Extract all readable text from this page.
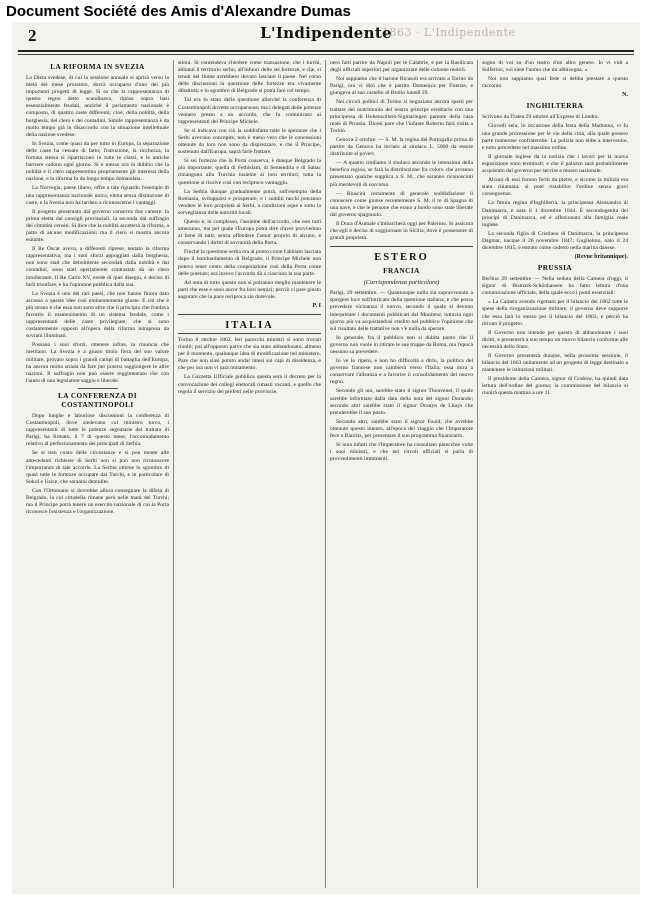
Document Société des Amis d'Alexandre Dumas
1863 · L'Indipendente
2	L'Indipendente
LA RIFORMA IN SVEZIA

La Dieta svedese, di cui la sessione annuale si aprirà verso la metà del mese prossimo, dovrà occuparsi d'uno dei più importanti progetti di legge. Si sa che la rappresentanza di questo regno detto scandinavo, riposa sopra basi essenzialmente feudali, anziché il parlamento nazionale è composto, di quattro caste differenti; cioè, della nobiltà, della borghesia, del clero e dei contadini. Simile rappresentanza è da molto tempo già in disaccordo con la situazione intellettuale della nazione svedese.

In Svezia, come quasi da per tutto in Europa, la separazione delle caste ha cessato di fatto; l'istruzione, la ricchezza, la fortuna stessa si ripartiscono in tutte le classi, e le antiche barriere cadono ogni giorno. Si è messo ora in dubbio che la nobiltà e il clero rappresentino propriamente gli interessi della nazione, e la riforma fu da lungo tempo domandata.

La Norvegia, paese libero, offre a tale riguardo l'esempio di una rappresentanza nazionale unica, eletta senza distinzione di caste, e la Svezia non ha tardato a riconoscerne i vantaggi.

Il progetto presentato dal governo conserva due camere: la prima eletta dai consigli provinciali, la seconda dal suffragio dei cittadini censiti. Si dice che la nobiltà accetterà la riforma, a patto di alcune modificazioni; ma il clero si mostra ancora esitante.

Il Re Oscar aveva, a differenti riprese, tentato la riforma rappresentativa, ma i suoi sforzi appoggiati dalla borghesia, non sono stati che debolmente secondati dalla nobiltà e dai contadini, sono stati apertamente contrastati da un clero intollerante. Il Re Carlo XV, erede di quei disegni, è deciso di farli trionfare, e ha l'opinione pubblica dalla sua.

La Svezia è uno dei rari paesi, che non hanno finora dato accesso a queste idee così eminentemente giuste. E ciò che è più strano è che essa non sono altre che il principio che fondava favorito il mantenimento di un sistema feudale, come i rappresentanti delle caste privilegiate, che si sono costantemente opposti all'opera della riforma intrapresa da sovrani illuminati.

Possano i suoi sforzi, ottenere infine, la rinuncia che meritano. La Svezia è a giusto titolo fiera del suo valore militare, provato sopra i grandi campi di battaglia dell'Europa, ha ancora molta strada da fare per potersi raggiungere le altre nazioni. Il suffragio non può essere reggimentato che con l'aiuto di una legislatore saggio e liberale.

LA CONFERENZA DI COSTANTINOPOLI

Dopo lunghe e laboriose discussioni la conferenza di Costantinopoli, dove siedevano col ministro turco, i rappresentanti di tutte le potenze segnatarie del trattato di Parigi, ha firmato, il 7 di questo mese, l'accomodamento relativo al perfezionamento dei principati di Serbia.

Se si tien conto delle circostanze e si pon mente alle antecedenti richieste di Serbi non si può non riconoscere l'importanza di tale accordo. La Serbia ottiene lo sgombro di quasi tutte le fortezze occupate dai Turchi, e in particolare di Sokol e Uzice, che saranno demolite.

Con l'Ottomano si dovrebbe allora consegnare la difesa di Belgrado, la cui cittadella rimane però nelle mani dei Turchi; ma il Principe potrà tenere un esercito nazionale di cui la Porta riconosce l'esistenza e l'organizzazione.

stioni. Si contendeva chiedere come transazione, che i turchi, abitanti il territorio serbo, all'infuori delle sei fortezze, e che, si tenuti del fiume avrebbero dovuto lasciare il paese. Nel corso delle discussioni la questione delle fortezze era vivamente dibattuta; e lo sgombro di Belgrado si potrà fare col tempo.

Tal era lo stato della questione allorché la conferenza di Costantinopoli dovette occuparsene; ma i delegati delle potenze vennero presto a un accordo, che fu comunicato ai rappresentanti del Principe Michele.

Se si indicava con ciò la soddisfatta tutte le speranze che i Serbi avevano concepite, non è meno vero che le concessioni ottenute da loro non sono da disprezzare, e che il Principe, sostenuto dall'Europa, saprà farle fruttare.

Si sei fortezze che la Porta conserva, è dunque Belgrado la più importante; quella di Fethislam, di Semendria e di Sabac rimangono alla Turchia insieme ai loro territori; tutta la questione si risolve così con reciproco vantaggio.

La Serbia dunque gradualmente potrà, sull'esempio della Romania, svilupparsi e prosperare, e i sudditi turchi potranno vendere le loro proprietà ai Serbi, a condizioni eque e sotto la sorveglianza delle autorità locali.

Questo è, in complesso, l'assieme dell'accordo, che non tutti ameranno, ma pel quale l'Europa potrà dire d'aver provveduto al bene di tutti, senza offendere l'amor proprio di alcuno, e conservando i diritti di sovranità della Porta.

Finché la questione serba era al punto come l'abbiam lasciata dopo il bombardamento di Belgrado, il Principe Michele non poteva tener conto della cooperazione così della Porta come delle potenze; ora invece l'accordo dà a ciascuno la sua parte.

Ad onta di tutto questo non si potranno meglio mantenere le parti che esse e sono ancor fra loro nemici; perciò ci pare giusto augurare che la pace reciproca sia durevole.

P. I
ITALIA

Torino 8 ottobre 1862. Ieri parecchi ministri si sono trovati riuniti; poi all'opposto parve che sia stato abbandonato, almeno per il momento, qualunque idea di modificazione nel ministero. Pare che non siasi potuto andar intesi sui capi di dissidenza, e che per ora non vi sarà mutamento.

La Gazzetta Ufficiale pubblica questa sera il decreto per la convocazione dei collegi elettorali rimasti vacanti, e quello che regola il servizio dei prefetti nelle provincie.

nero fatti partire da Napoli per le Calabrie, e per la Basilicata degli ufficiali superiori per organizzare delle colonne mobili.

Noi sappiamo che il barone Ricasoli era arrivato a Torino da Parigi, ora vi dirò che è partito Domenica per Firenze, e giungeva al suo castello di Brolio lunedì 29.

Nei circoli politici di Torino si negoziano ancora sperti per trattare del matrimonio del nostro principe ereditario con una principessa di Hohenzollern-Sigmaringen parente della casa reale di Prussia. Dicesi pure che l'infante Roberto farà visita a Torino.

Genova 2 ottobre. — S. M. la regina del Portogallo prima di partire da Genova ha inviato al sindaco L. 5000 da essere distribuite ai poveri.

— A quanto crediamo il sindaco secondo le intenzioni della benefica regina, se farà la distribuzione fra coloro che avranno presentato qualche supplica a S. M., che saranno riconosciuti più meritevoli di soccorso.

— Riuscirà certamente di generale soddisfazione il conoscere come giunse recentemente S. M. il re di Spagna di una nave, e che le persone che erano a bordo sono state liberate dal governo spagnuolo.

Il Duca d'Aumale s'imbarcherà oggi per Palermo. Si assicura che egli è deciso di soggiornare in Sicilia, dove è possessore di grandi proprietà.

ESTERO
FRANCIA
(Corrispondenza particolare)

Parigi, 29 settembre. — Quantunque nulla sia sopravvenuto a spargere luce sull'intricato della questione italiana, e che possa prevedere vicinanza il nuovo, secondo il quale si devono interpretare i documenti pubblicati dal Moniteur, tuttavia ogni giorno più va acquistandosi credito nel pubblico l'opinione che sul risultato delle trattative non v'è nulla da sperare.

In generale, fra il pubblico non si dubita punto che il governo non vuole in ritirare le sue truppe da Roma, ma l'epoca nessuno sa prevedere.

Io ve lo ripeto, e non ho difficoltà a dirlo, la politica del governo francese non cambierà verso l'Italia; essa mira a conservare l'alleanza e a favorire il consolidamento del nuovo regno.

Secondo gli uni, sarebbe stato il signor Thouvenel, il quale sarebbe informato dalla data della nota del signor Durando; secondo altri sarebbe stato il signor Drouyn de Lhuys che prenderebbe il suo posto.

Secondo altri, sarebbe stato il signor Fould, che avrebbe ottenuto questo intento, all'epoca del viaggio che l'Imperatore fece a Biarritz, per presentare il suo programma finanziario.

Si nota infatti che l'Imperatore ha consultato parecchie volte i suoi ministri, e che nei circoli ufficiali si parla di provvedimenti imminenti.

sogno di voi su d'un teatro d'un altro genere. Io vi vidi a Solferino, voi siete l'uomo che mi abbisogna. »

Noi non sappiamo qual fede si debba prestare a questo racconto.

N.
INGHILTERRA

Scrivono da Tralea 29 ottobre all'Express di Londra.

Giovedì sera, in occasione della festa della Madonna, vi fu una grande processione per le vie della città, alla quale presero parte numerose confraternite. La polizia non ebbe a intervenire, e tutto procedette nel massimo ordine.

Il giornale inglese dà la notizia che i lavori per la nuova esposizione sono terminati; e che il palazzo sarà probabilmente acquistato dal governo per servire a museo nazionale.

Alcuni di essi furono feriti da pietre, e sicome la milizia era stata chiamata, si poté ristabilire l'ordine senza gravi conseguenze.

La futura regina d'Inghilterra, la principessa Alessandra di Danimarca, è nata il 1 dicembre 1844. È secondogenita dei principi di Danimarca, ed è affezionata alla famiglia reale inglese.

La seconda figlia di Cristiano di Danimarca, la principessa Dagmar, nacque il 26 novembre 1847; Guglielmo, nato il 24 dicembre 1845, è entrato come cadetto nella marina danese.

(Revue britannique).
PRUSSIA

Berlino 29 settembre — Nella seduta della Camera d'oggi, il signor di Bismark-Schönhausen ha fatto lettura d'una comunicazione ufficiale, della quale ecco i punti essenziali:

« La Camera avendo rigettato per il bilancio del 1862 tutte le spese della riorganizzazione militare, il governo deve supporre che essa farà lo stesso per il bilancio del 1863, e perciò ha ritirato il progetto.

Il Governo non intende per questo di abbandonare i suoi diritti, e presenterà a suo tempo un nuovo bilancio conforme alle necessità dello Stato.

Il Governo presenterà dunque, nella prossima sessione, il bilancio del 1863 unitamente ad un progetto di legge destinato a mantenere le istituzioni militari.

Il presidente della Camera, signor di Grabow, ha quindi data lettura dell'ordine del giorno; la commissione del bilancio si riunirà questa mattina a ore 11.
